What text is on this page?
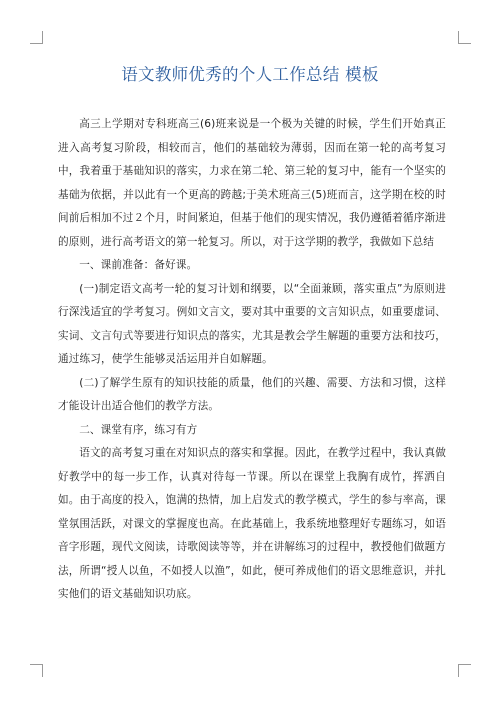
语文教师优秀的个人工作总结 模板

高三上学期对专科班高三(6)班来说是一个极为关键的时候，学生们开始真正进入高考复习阶段，相较而言，他们的基础较为薄弱，因而在第一轮的高考复习中，我着重于基础知识的落实，力求在第二轮、第三轮的复习中，能有一个坚实的基础为依据，并以此有一个更高的跨越;于美术班高三(5)班而言，这学期在校的时间前后相加不过２个月，时间紧迫，但基于他们的现实情况，我仍遵循着循序渐进的原则，进行高考语文的第一轮复习。所以，对于这学期的教学，我做如下总结

一、课前准备：备好课。

(一)制定语文高考一轮的复习计划和纲要，以“全面兼顾，落实重点”为原则进行深浅适宜的学考复习。例如文言文，要对其中重要的文言知识点，如重要虚词、实词、文言句式等要进行知识点的落实，尤其是教会学生解题的重要方法和技巧，通过练习，使学生能够灵活运用并自如解题。

(二)了解学生原有的知识技能的质量，他们的兴趣、需要、方法和习惯，这样才能设计出适合他们的教学方法。

二、课堂有序，练习有方

语文的高考复习重在对知识点的落实和掌握。因此，在教学过程中，我认真做好教学中的每一步工作，认真对待每一节课。所以在课堂上我胸有成竹，挥洒自如。由于高度的投入，饱满的热情，加上启发式的教学模式，学生的参与率高，课堂氛围活跃，对课文的掌握度也高。在此基础上，我系统地整理好专题练习，如语音字形题，现代文阅读，诗歌阅读等等，并在讲解练习的过程中，教授他们做题方法，所谓“授人以鱼，不如授人以渔”，如此，便可养成他们的语文思维意识，并扎实他们的语文基础知识功底。
